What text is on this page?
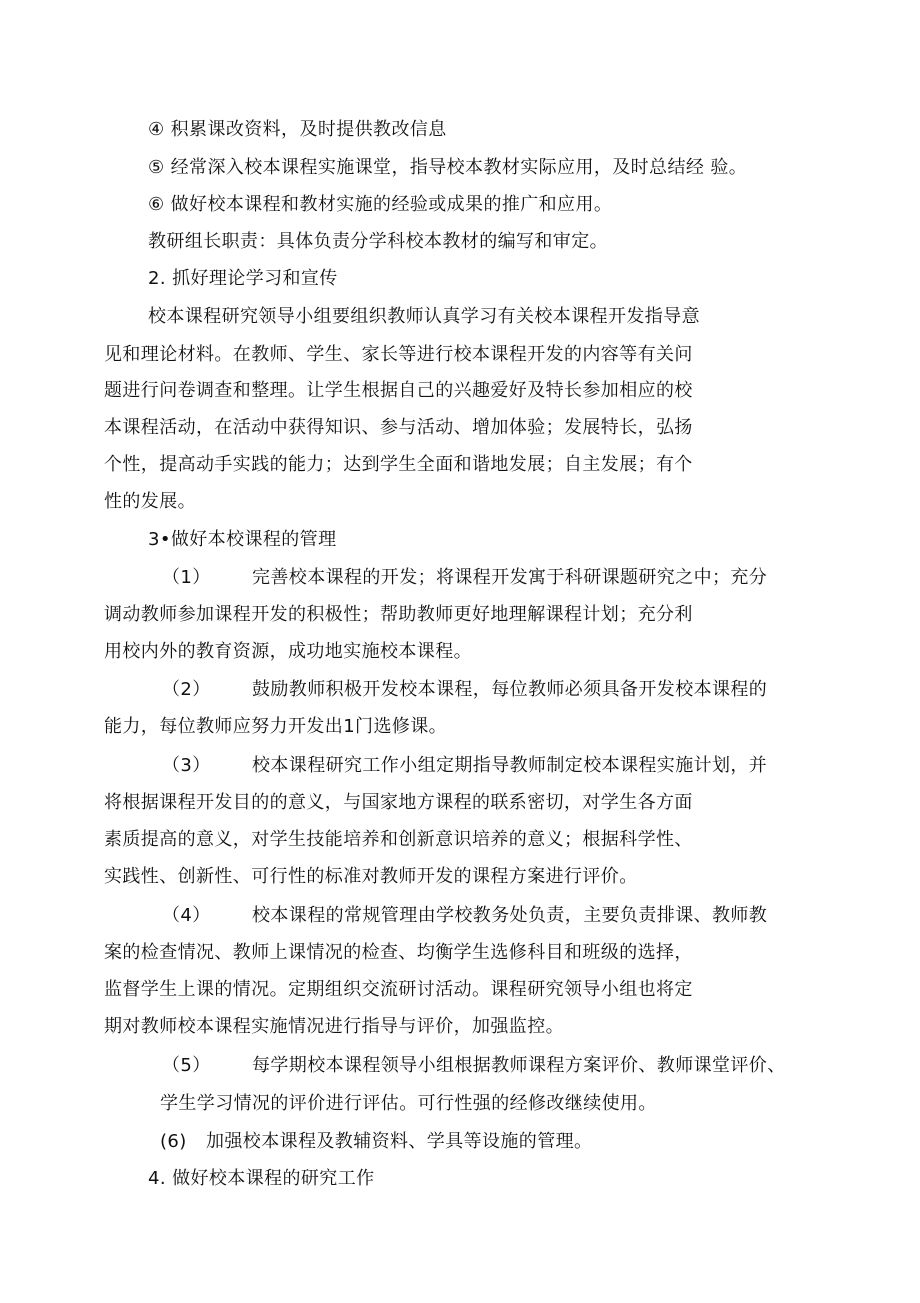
④ 积累课改资料，及时提供教改信息
⑤ 经常深入校本课程实施课堂，指导校本教材实际应用，及时总结经 验。
⑥ 做好校本课程和教材实施的经验或成果的推广和应用。
教研组长职责：具体负责分学科校本教材的编写和审定。
2. 抓好理论学习和宣传
校本课程研究领导小组要组织教师认真学习有关校本课程开发指导意
见和理论材料。在教师、学生、家长等进行校本课程开发的内容等有关问
题进行问卷调查和整理。让学生根据自己的兴趣爱好及特长参加相应的校
本课程活动，在活动中获得知识、参与活动、增加体验；发展特长，弘扬
个性，提高动手实践的能力；达到学生全面和谐地发展；自主发展；有个
性的发展。
3•做好本校课程的管理
（1） 完善校本课程的开发；将课程开发寓于科研课题研究之中；充分
调动教师参加课程开发的积极性；帮助教师更好地理解课程计划；充分利
用校内外的教育资源，成功地实施校本课程。
（2） 鼓励教师积极开发校本课程，每位教师必须具备开发校本课程的
能力，每位教师应努力开发出1门选修课。
（3） 校本课程研究工作小组定期指导教师制定校本课程实施计划，并
将根据课程开发目的的意义，与国家地方课程的联系密切，对学生各方面
素质提高的意义，对学生技能培养和创新意识培养的意义；根据科学性、
实践性、创新性、可行性的标准对教师开发的课程方案进行评价。
（4） 校本课程的常规管理由学校教务处负责，主要负责排课、教师教
案的检查情况、教师上课情况的检查、均衡学生选修科目和班级的选择，
监督学生上课的情况。定期组织交流研讨活动。课程研究领导小组也将定
期对教师校本课程实施情况进行指导与评价，加强监控。
（5） 每学期校本课程领导小组根据教师课程方案评价、教师课堂评价、
学生学习情况的评价进行评估。可行性强的经修改继续使用。
(6) 加强校本课程及教辅资料、学具等设施的管理。
4. 做好校本课程的研究工作
